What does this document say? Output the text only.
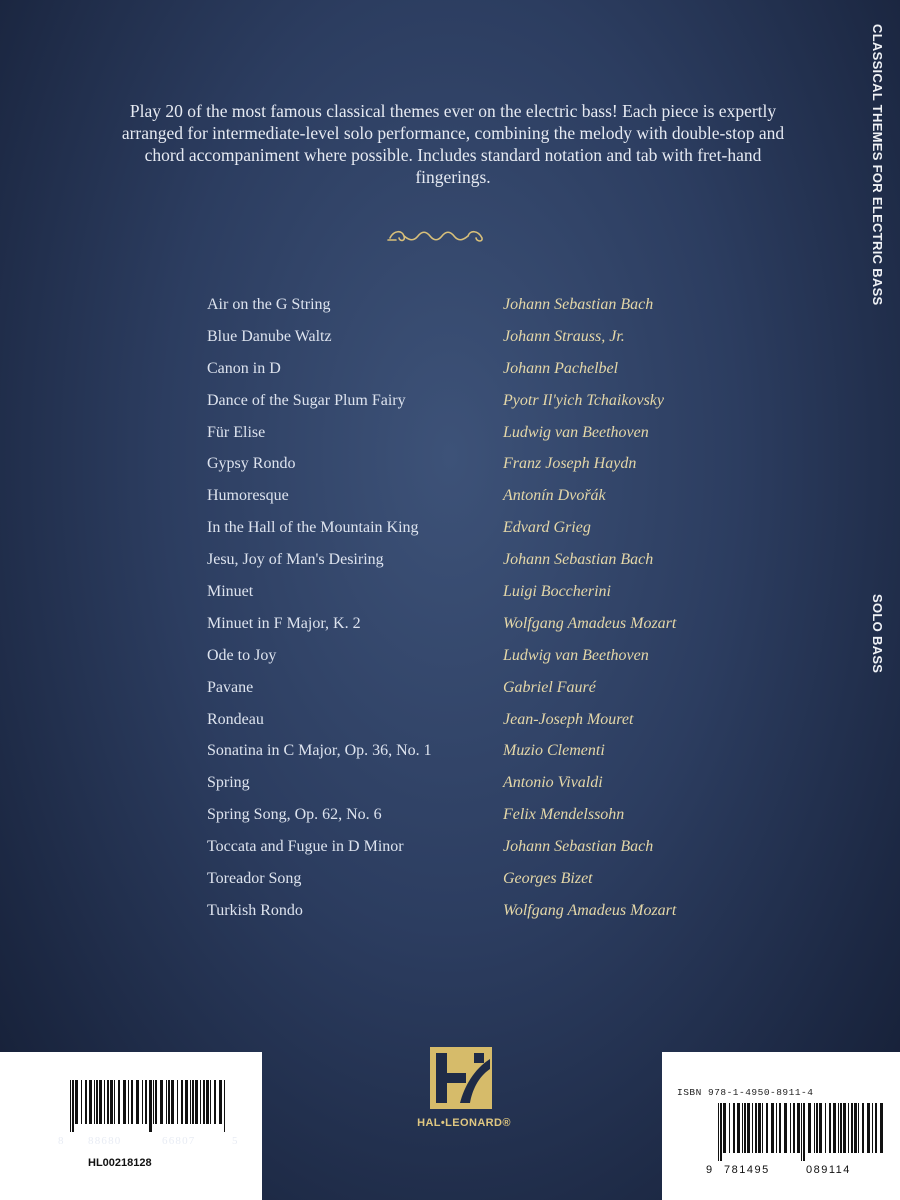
Play 20 of the most famous classical themes ever on the electric bass! Each piece is expertly arranged for intermediate-level solo performance, combining the melody with double-stop and chord accompaniment where possible. Includes standard notation and tab with fret-hand fingerings.

Air on the G String	Johann Sebastian Bach
Blue Danube Waltz	Johann Strauss, Jr.
Canon in D	Johann Pachelbel
Dance of the Sugar Plum Fairy	Pyotr Il'yich Tchaikovsky
Für Elise	Ludwig van Beethoven
Gypsy Rondo	Franz Joseph Haydn
Humoresque	Antonín Dvořák
In the Hall of the Mountain King	Edvard Grieg
Jesu, Joy of Man's Desiring	Johann Sebastian Bach
Minuet	Luigi Boccherini
Minuet in F Major, K. 2	Wolfgang Amadeus Mozart
Ode to Joy	Ludwig van Beethoven
Pavane	Gabriel Fauré
Rondeau	Jean-Joseph Mouret
Sonatina in C Major, Op. 36, No. 1	Muzio Clementi
Spring	Antonio Vivaldi
Spring Song, Op. 62, No. 6	Felix Mendelssohn
Toccata and Fugue in D Minor	Johann Sebastian Bach
Toreador Song	Georges Bizet
Turkish Rondo	Wolfgang Amadeus Mozart
CLASSICAL THEMES FOR ELECTRIC BASS
SOLO BASS
8 88680	66807	5
HL00218128
HAL•LEONARD®
ISBN 978-1-4950-8911-4
9 781495	089114
